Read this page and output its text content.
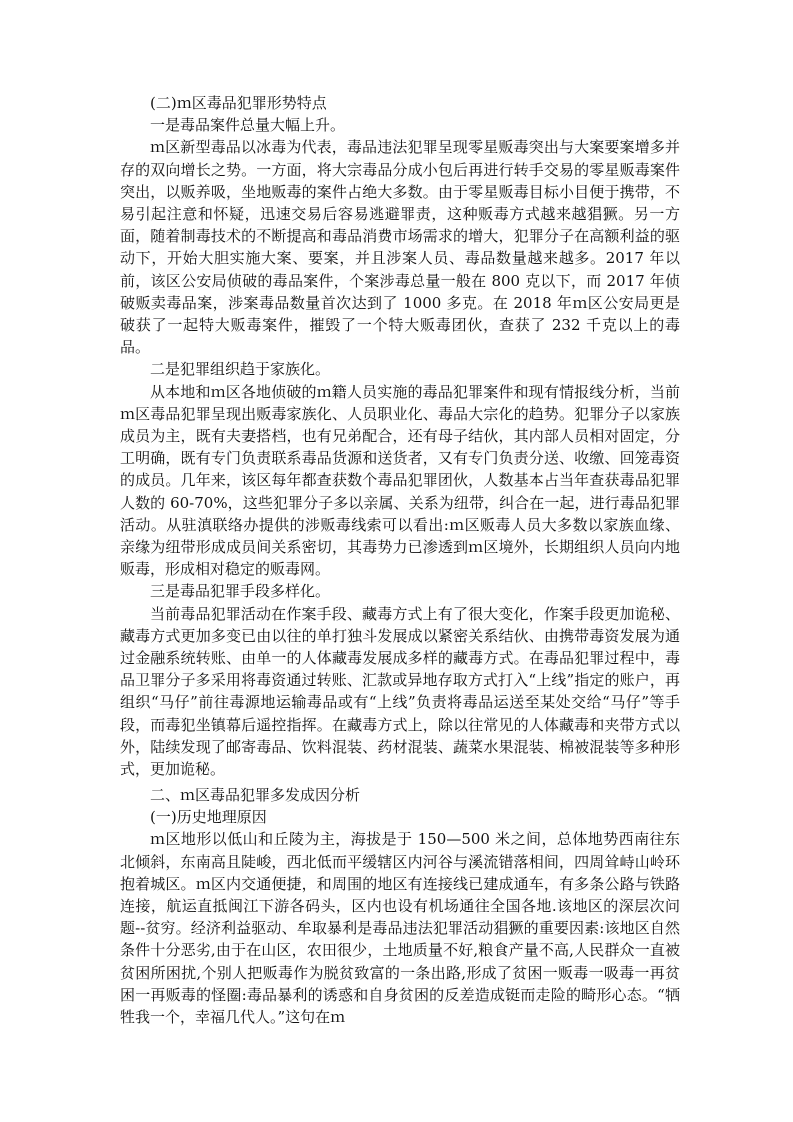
(二)ｍ区毒品犯罪形势特点

一是毒品案件总量大幅上升。

ｍ区新型毒品以冰毒为代表，毒品违法犯罪呈现零星贩毒突出与大案要案增多并存的双向增长之势。一方面，将大宗毒品分成小包后再进行转手交易的零星贩毒案件突出，以贩养吸，坐地贩毒的案件占绝大多数。由于零星贩毒目标小目便于携带，不易引起注意和怀疑，迅速交易后容易逃避罪责，这种贩毒方式越来越猖獗。另一方面，随着制毒技术的不断提高和毒品消费市场需求的增大，犯罪分子在高额利益的驱动下，开始大胆实施大案、要案，并且涉案人员、毒品数量越来越多。2017 年以前，该区公安局侦破的毒品案件，个案涉毒总量一般在 800 克以下，而 2017 年侦破贩卖毒品案，涉案毒品数量首次达到了 1000 多克。在 2018 年ｍ区公安局更是破获了一起特大贩毒案件，摧毁了一个特大贩毒团伙，查获了 232 千克以上的毒品。

二是犯罪组织趋于家族化。

从本地和ｍ区各地侦破的ｍ籍人员实施的毒品犯罪案件和现有情报线分析，当前ｍ区毒品犯罪呈现出贩毒家族化、人员职业化、毒品大宗化的趋势。犯罪分子以家族成员为主，既有夫妻搭档，也有兄弟配合，还有母子结伙，其内部人员相对固定，分工明确，既有专门负责联系毒品货源和送货者，又有专门负责分送、收缴、回笼毒资的成员。几年来，该区每年都查获数个毒品犯罪团伙，人数基本占当年查获毒品犯罪人数的 60-70%，这些犯罪分子多以亲属、关系为纽带，纠合在一起，进行毒品犯罪活动。从驻滇联络办提供的涉贩毒线索可以看出:ｍ区贩毒人员大多数以家族血缘、亲缘为纽带形成成员间关系密切，其毒势力已渗透到ｍ区境外，长期组织人员向内地贩毒，形成相对稳定的贩毒网。

三是毒品犯罪手段多样化。

当前毒品犯罪活动在作案手段、藏毒方式上有了很大变化，作案手段更加诡秘、藏毒方式更加多变已由以往的单打独斗发展成以紧密关系结伙、由携带毒资发展为通过金融系统转账、由单一的人体藏毒发展成多样的藏毒方式。在毒品犯罪过程中，毒品卫罪分子多采用将毒资通过转账、汇款或异地存取方式打入“上线”指定的账户，再组织“马仔”前往毒源地运输毒品或有“上线”负责将毒品运送至某处交给“马仔”等手段，而毒犯坐镇幕后遥控指挥。在藏毒方式上，除以往常见的人体藏毒和夹带方式以外，陆续发现了邮寄毒品、饮料混装、药材混装、蔬菜水果混装、棉被混装等多种形式，更加诡秘。

二、ｍ区毒品犯罪多发成因分析

(一)历史地理原因

ｍ区地形以低山和丘陵为主，海拔是于 150—500 米之间，总体地势西南往东北倾斜，东南高且陡峻，西北低而平缓辖区内河谷与溪流错落相间，四周耸峙山岭环抱着城区。ｍ区内交通便捷，和周围的地区有连接线已建成通车，有多条公路与铁路连接，航运直抵闽江下游各码头，区内也设有机场通往全国各地.该地区的深层次问题--贫穷。经济利益驱动、牟取暴利是毒品违法犯罪活动猖獗的重要因素:该地区自然条件十分恶劣,由于在山区，农田很少，土地质量不好,粮食产量不高,人民群众一直被贫困所困扰,个别人把贩毒作为脱贫致富的一条出路,形成了贫困一贩毒一吸毒一再贫困一再贩毒的怪圈:毒品暴利的诱惑和自身贫困的反差造成铤而走险的畸形心态。“牺牲我一个，幸福几代人。”这句在ｍ
